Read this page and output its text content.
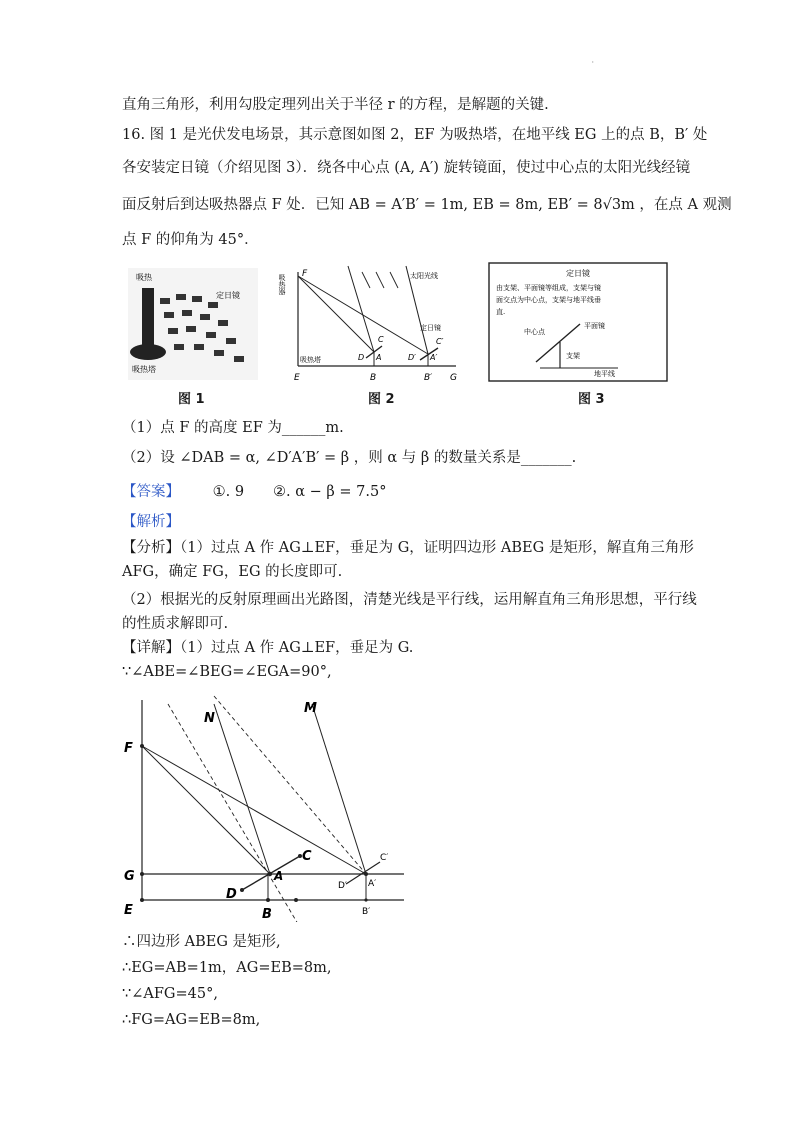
·
直角三角形，利用勾股定理列出关于半径 r 的方程，是解题的关键.
16. 图 1 是光伏发电场景，其示意图如图 2，EF 为吸热塔，在地平线 EG 上的点 B，B′ 处
各安装定日镜（介绍见图 3）．绕各中心点 (A, A′) 旋转镜面，使过中心点的太阳光线经镜
面反射后到达吸热器点 F 处．已知 AB = A′B′ = 1m, EB = 8m, EB′ = 8√3m ，在点 A 观测
点 F 的仰角为 45°．
吸热
定日镜
吸热塔
图 1
F
吸热器	太阳光线
定日镜
吸热塔
E	B	B′ G
D A
C
D′ A′
C′
图 2
定日镜
由支架、平面镜等组成，支架与镜
面交点为中心点，支架与地平线垂
直.
中心点
平面镜
支架
地平线
图 3
（1）点 F 的高度 EF 为______m.
（2）设 ∠DAB = α, ∠D′A′B′ = β ，则 α 与 β 的数量关系是_______.
【答案】 ①. 9　　②. α − β = 7.5°
【解析】
【分析】（1）过点 A 作 AG⊥EF，垂足为 G，证明四边形 ABEG 是矩形，解直角三角形
AFG，确定 FG，EG 的长度即可.
（2）根据光的反射原理画出光路图，清楚光线是平行线，运用解直角三角形思想，平行线
的性质求解即可.
【详解】（1）过点 A 作 AG⊥EF，垂足为 G.
∵∠ABE=∠BEG=∠EGA=90°,
M
N
F
G
E	B
A
C
D
A′
C′
D′
B′
∴四边形 ABEG 是矩形,
∴EG=AB=1m，AG=EB=8m,
∵∠AFG=45°,
∴FG=AG=EB=8m,
